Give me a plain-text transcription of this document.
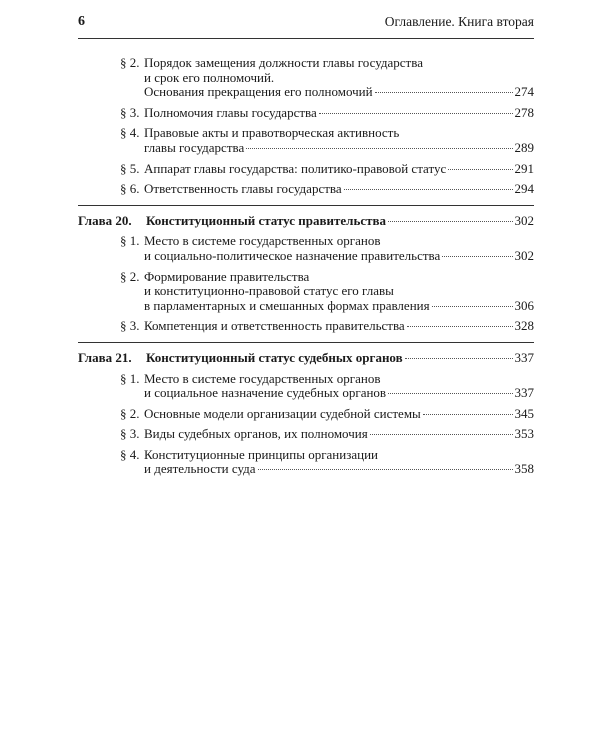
6	Оглавление. Книга вторая
§ 2. Порядок замещения должности главы государства
и срок его полномочий.
Основания прекращения его полномочий	274
§ 3. Полномочия главы государства	278
§ 4. Правовые акты и правотворческая активность
главы государства	289
§ 5. Аппарат главы государства: политико-правовой статус	291
§ 6. Ответственность главы государства	294
Глава 20. Конституционный статус правительства	302
§ 1. Место в системе государственных органов
и социально-политическое назначение правительства	302
§ 2. Формирование правительства
и конституционно-правовой статус его главы
в парламентарных и смешанных формах правления	306
§ 3. Компетенция и ответственность правительства	328
Глава 21. Конституционный статус судебных органов	337
§ 1. Место в системе государственных органов
и социальное назначение судебных органов	337
§ 2. Основные модели организации судебной системы	345
§ 3. Виды судебных органов, их полномочия	353
§ 4. Конституционные принципы организации
и деятельности суда	358
